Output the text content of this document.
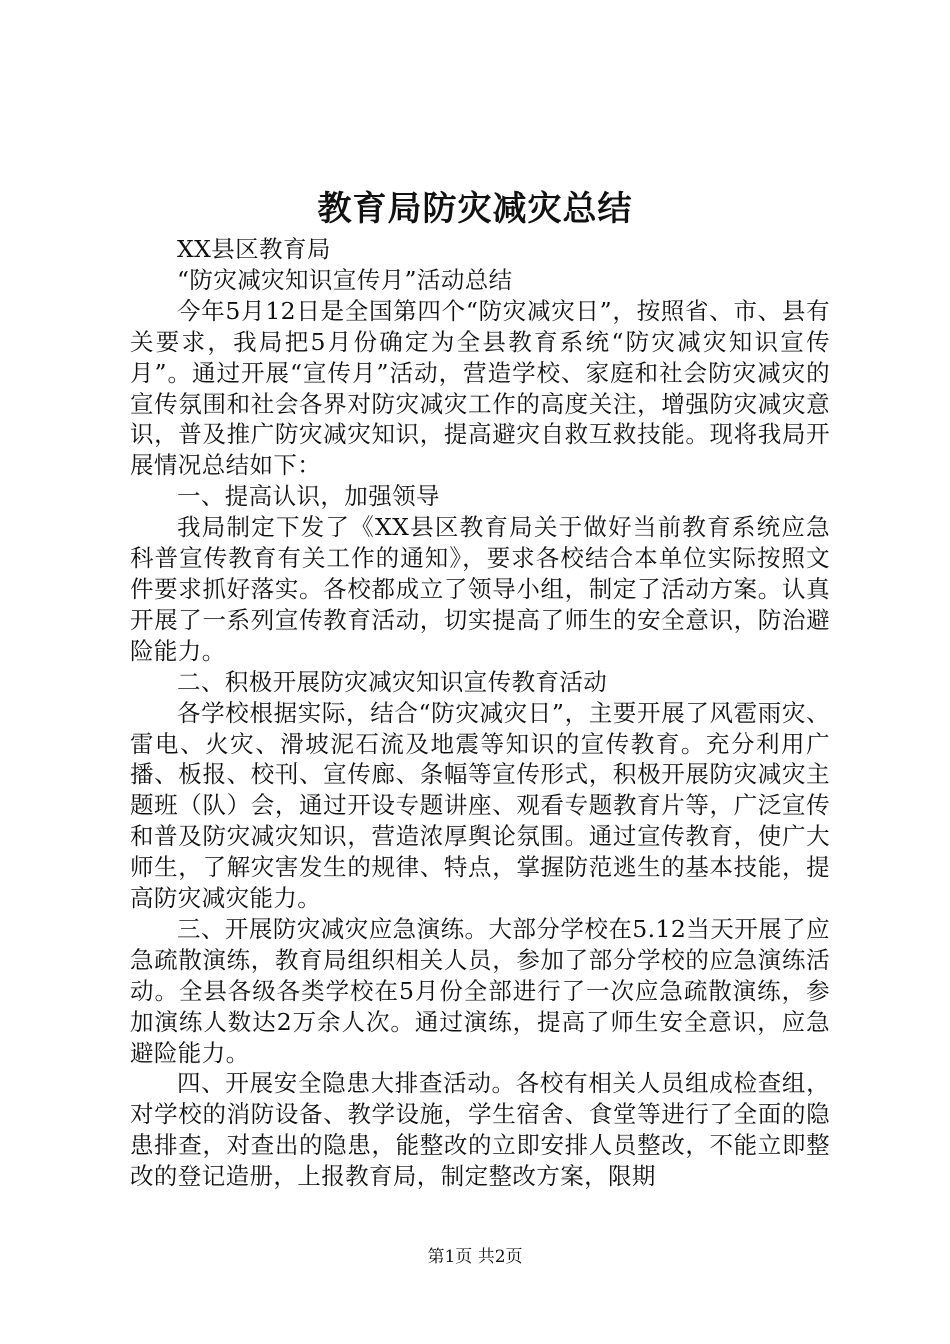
教育局防灾减灾总结

XX县区教育局

“防灾减灾知识宣传月”活动总结

今年5月12日是全国第四个“防灾减灾日”，按照省、市、县有关要求，我局把5月份确定为全县教育系统“防灾减灾知识宣传月”。通过开展“宣传月”活动，营造学校、家庭和社会防灾减灾的宣传氛围和社会各界对防灾减灾工作的高度关注，增强防灾减灾意识，普及推广防灾减灾知识，提高避灾自救互救技能。现将我局开展情况总结如下：

一、提高认识，加强领导

我局制定下发了《XX县区教育局关于做好当前教育系统应急科普宣传教育有关工作的通知》，要求各校结合本单位实际按照文件要求抓好落实。各校都成立了领导小组，制定了活动方案。认真开展了一系列宣传教育活动，切实提高了师生的安全意识，防治避险能力。

二、积极开展防灾减灾知识宣传教育活动

各学校根据实际，结合“防灾减灾日”，主要开展了风雹雨灾、雷电、火灾、滑坡泥石流及地震等知识的宣传教育。充分利用广播、板报、校刊、宣传廊、条幅等宣传形式，积极开展防灾减灾主题班（队）会，通过开设专题讲座、观看专题教育片等，广泛宣传和普及防灾减灾知识，营造浓厚舆论氛围。通过宣传教育，使广大师生，了解灾害发生的规律、特点，掌握防范逃生的基本技能，提高防灾减灾能力。

三、开展防灾减灾应急演练。大部分学校在5.12当天开展了应急疏散演练，教育局组织相关人员，参加了部分学校的应急演练活动。全县各级各类学校在5月份全部进行了一次应急疏散演练，参加演练人数达2万余人次。通过演练，提高了师生安全意识，应急避险能力。

四、开展安全隐患大排查活动。各校有相关人员组成检查组，对学校的消防设备、教学设施，学生宿舍、食堂等进行了全面的隐患排查，对查出的隐患，能整改的立即安排人员整改，不能立即整改的登记造册，上报教育局，制定整改方案，限期

第1页 共2页
